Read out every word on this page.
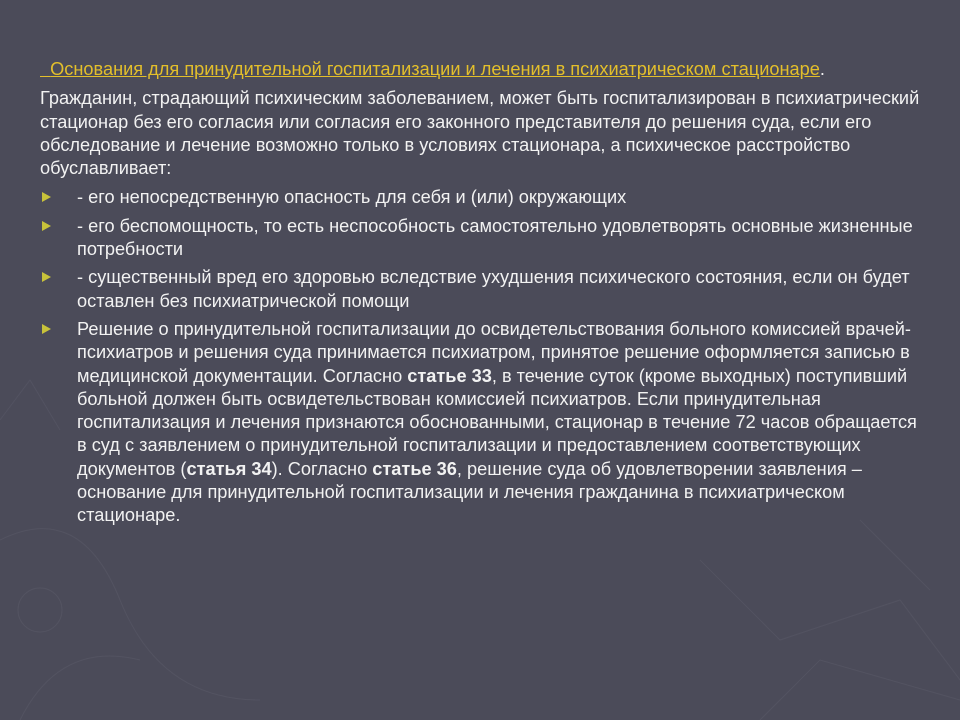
Основания для принудительной госпитализации и лечения в психиатрическом стационаре.

Гражданин, страдающий психическим заболеванием, может быть госпитализирован в психиатрический стационар без его согласия или согласия его законного представителя до решения суда, если его обследование и лечение возможно только в условиях стационара, а психическое расстройство обуславливает:

- его непосредственную опасность для себя и (или) окружающих
- его беспомощность, то есть неспособность самостоятельно удовлетворять основные жизненные потребности
- существенный вред его здоровью вследствие ухудшения психического состояния, если он будет оставлен без психиатрической помощи
Решение о принудительной госпитализации до освидетельствования больного комиссией врачей-психиатров и решения суда принимается психиатром, принятое решение оформляется записью в медицинской документации. Согласно статье 33, в течение суток (кроме выходных) поступивший больной должен быть освидетельствован комиссией психиатров. Если принудительная госпитализация и лечения признаются обоснованными, стационар в течение 72 часов обращается в суд с заявлением о принудительной госпитализации и предоставлением соответствующих документов (статья 34). Согласно статье 36, решение суда об удовлетворении заявления – основание для принудительной госпитализации и лечения гражданина в психиатрическом стационаре.
